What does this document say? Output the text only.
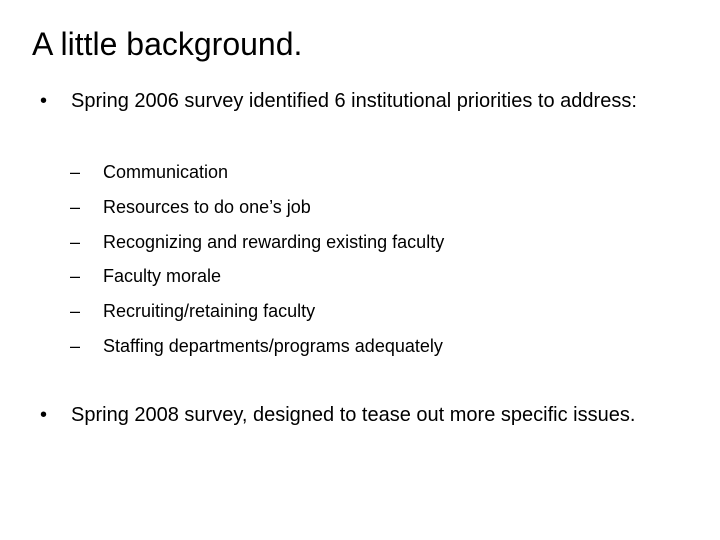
A little background.
• Spring 2006 survey identified 6 institutional priorities to address:
– Communication
– Resources to do one’s job
– Recognizing and rewarding existing faculty
– Faculty morale
– Recruiting/retaining faculty
– Staffing departments/programs adequately
• Spring 2008 survey, designed to tease out more specific issues.
